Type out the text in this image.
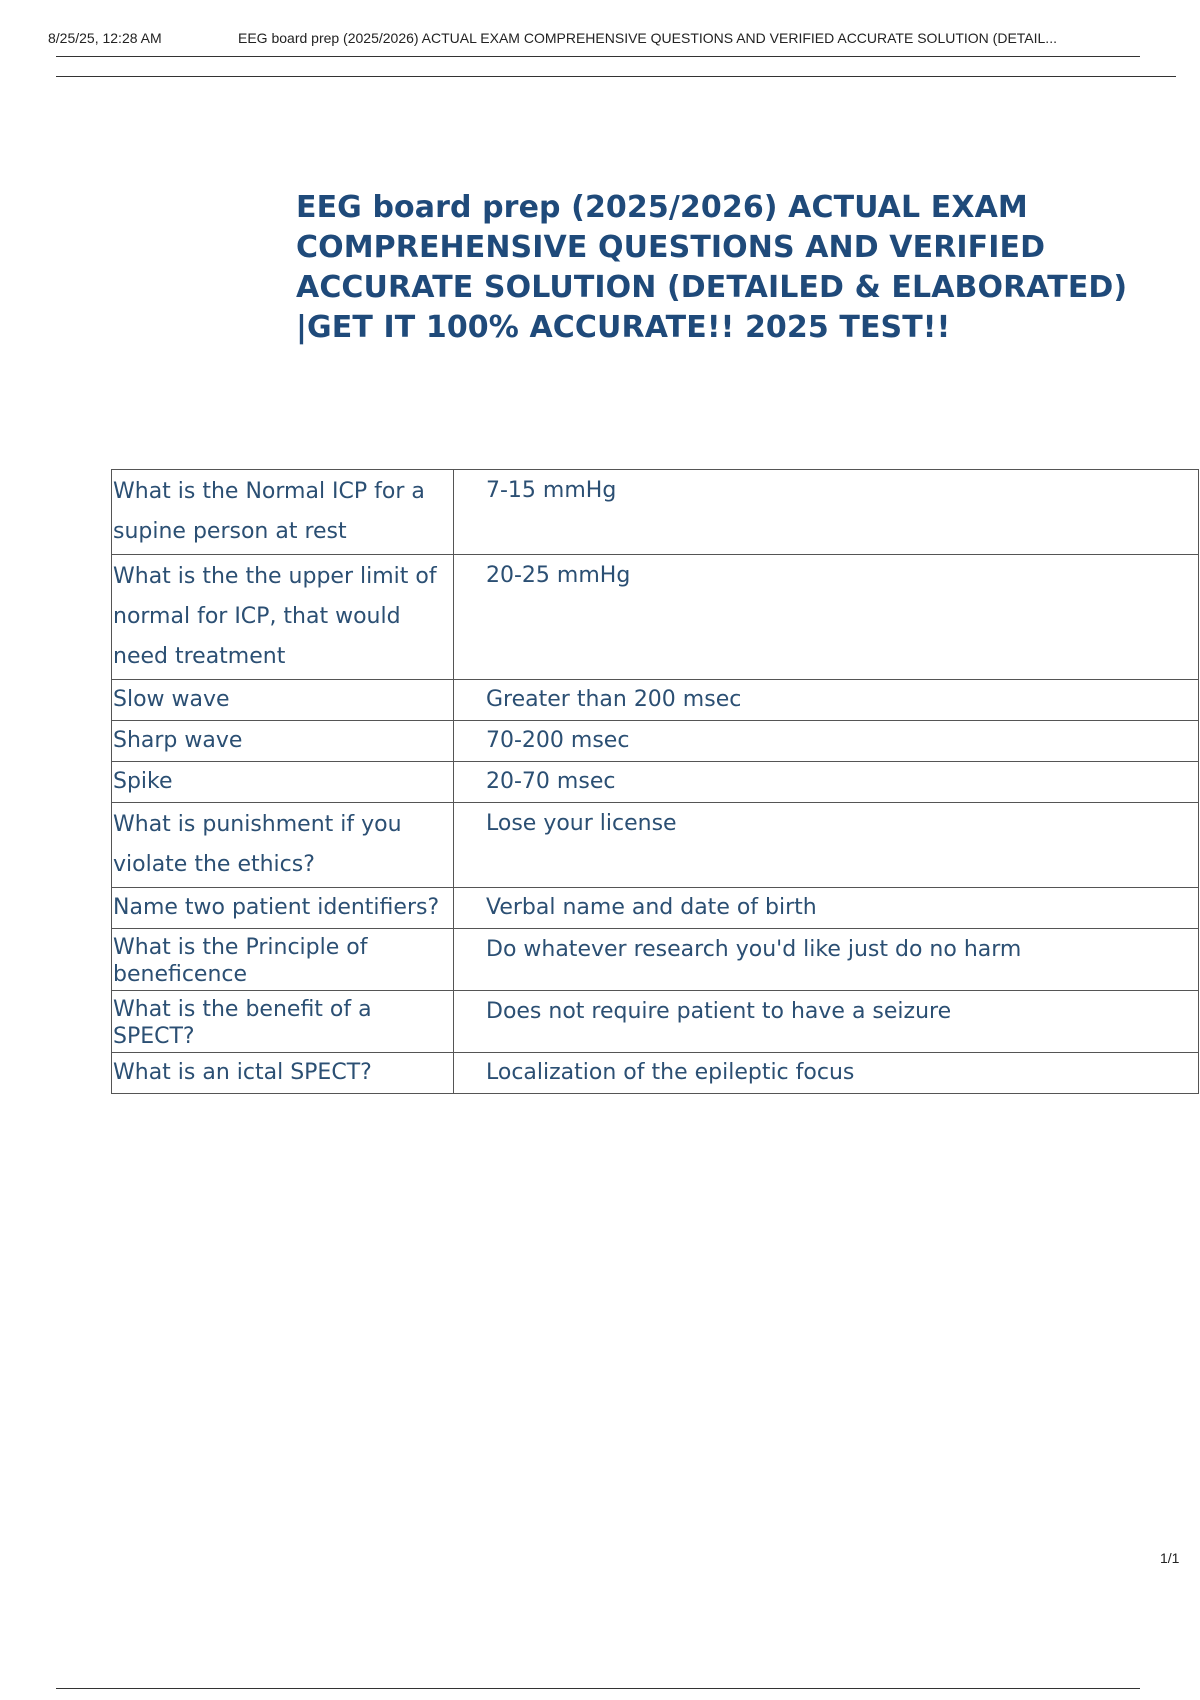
8/25/25, 12:28 AM	EEG board prep (2025/2026) ACTUAL EXAM COMPREHENSIVE QUESTIONS AND VERIFIED ACCURATE SOLUTION (DETAIL...
EEG board prep (2025/2026) ACTUAL EXAM COMPREHENSIVE QUESTIONS AND VERIFIED ACCURATE SOLUTION (DETAILED & ELABORATED) |GET IT 100% ACCURATE!! 2025 TEST!!
What is the Normal ICP for a supine person at rest	7-15 mmHg
What is the the upper limit of normal for ICP, that would need treatment	20-25 mmHg
Slow wave	Greater than 200 msec
Sharp wave	70-200 msec
Spike	20-70 msec
What is punishment if you violate the ethics?	Lose your license
Name two patient identifiers?	Verbal name and date of birth
What is the Principle of beneficence	Do whatever research you'd like just do no harm
What is the benefit of a SPECT?	Does not require patient to have a seizure
What is an ictal SPECT?	Localization of the epileptic focus
1/1
